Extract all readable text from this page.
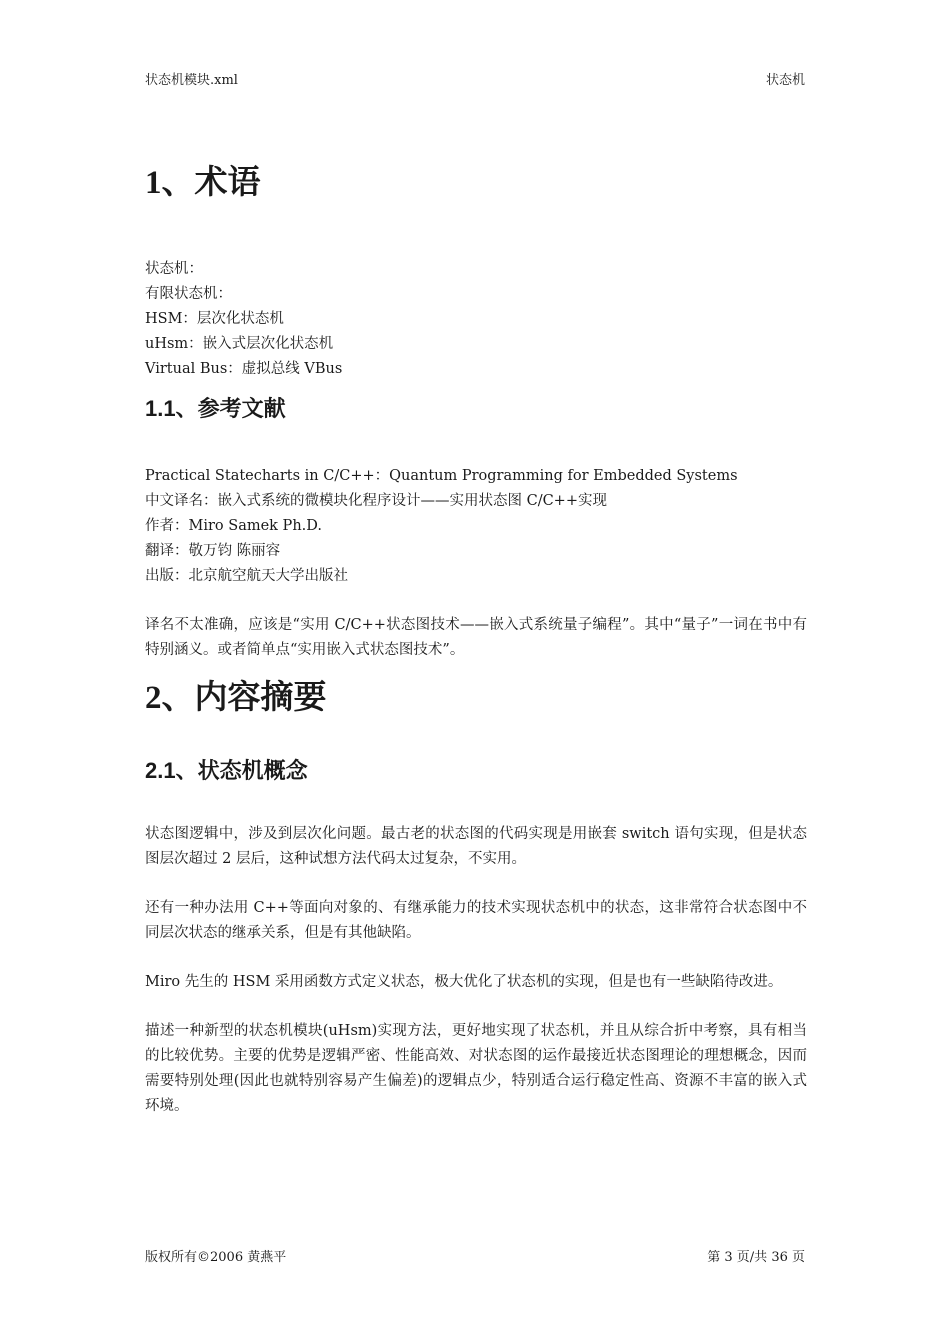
状态机模块.xml	状态机
1、术语

状态机：

有限状态机：

HSM：层次化状态机

uHsm：嵌入式层次化状态机

Virtual Bus：虚拟总线 VBus

1.1、参考文献

Practical Statecharts in C/C++：Quantum Programming for Embedded Systems

中文译名：嵌入式系统的微模块化程序设计——实用状态图 C/C++实现

作者：Miro Samek Ph.D.

翻译：敬万钧 陈丽容

出版：北京航空航天大学出版社

译名不太准确，应该是“实用 C/C++状态图技术——嵌入式系统量子编程”。其中“量子”一词在书中有特别涵义。或者简单点“实用嵌入式状态图技术”。

2、内容摘要
2.1、状态机概念

状态图逻辑中，涉及到层次化问题。最古老的状态图的代码实现是用嵌套 switch 语句实现，但是状态图层次超过 2 层后，这种试想方法代码太过复杂，不实用。

还有一种办法用 C++等面向对象的、有继承能力的技术实现状态机中的状态，这非常符合状态图中不同层次状态的继承关系，但是有其他缺陷。

Miro 先生的 HSM 采用函数方式定义状态，极大优化了状态机的实现，但是也有一些缺陷待改进。

描述一种新型的状态机模块(uHsm)实现方法，更好地实现了状态机，并且从综合折中考察，具有相当的比较优势。主要的优势是逻辑严密、性能高效、对状态图的运作最接近状态图理论的理想概念，因而需要特别处理(因此也就特别容易产生偏差)的逻辑点少，特别适合运行稳定性高、资源不丰富的嵌入式环境。

版权所有©2006 黄燕平	第 3 页/共 36 页
